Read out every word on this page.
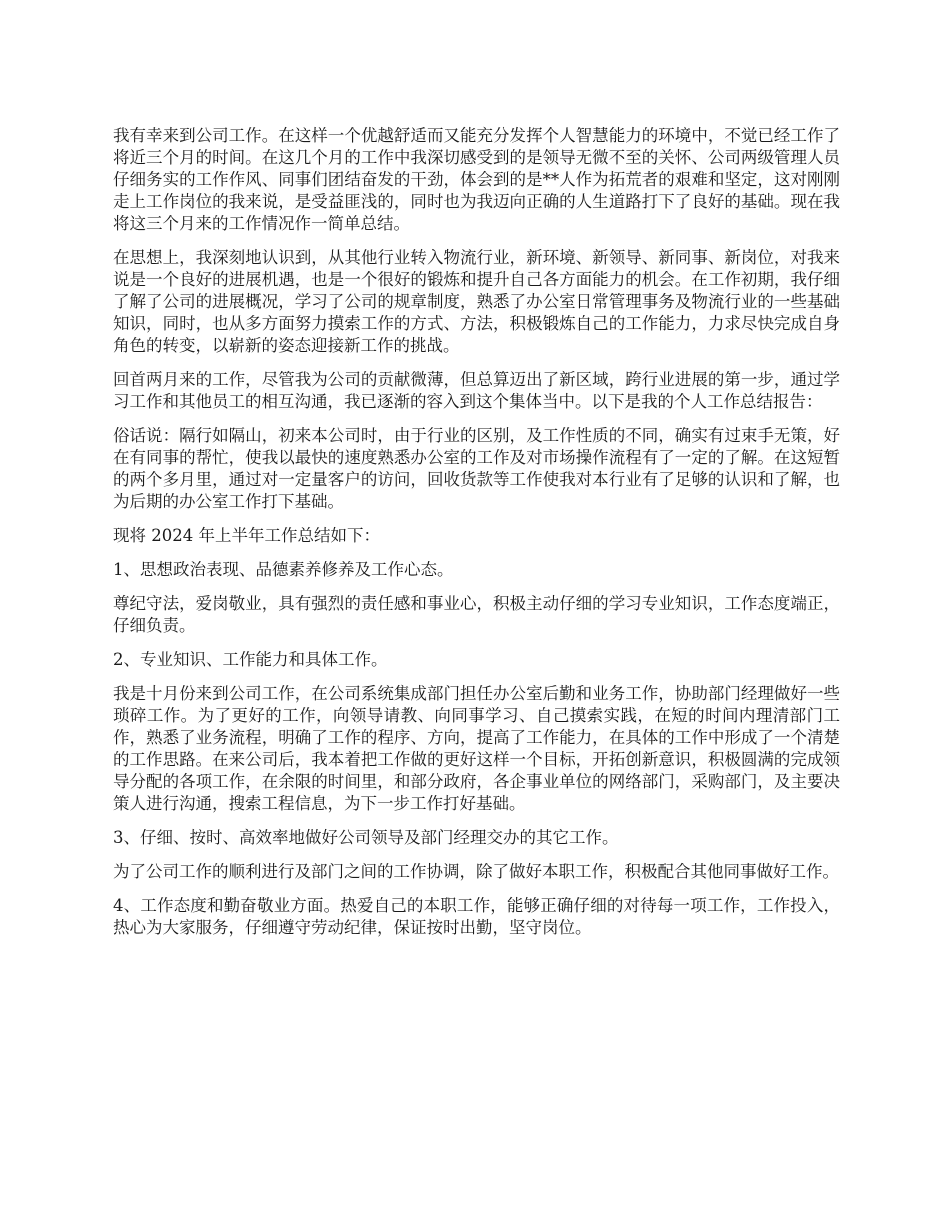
我有幸来到公司工作。在这样一个优越舒适而又能充分发挥个人智慧能力的环境中，不觉已经工作了将近三个月的时间。在这几个月的工作中我深切感受到的是领导无微不至的关怀、公司两级管理人员仔细务实的工作作风、同事们团结奋发的干劲，体会到的是**人作为拓荒者的艰难和坚定，这对刚刚走上工作岗位的我来说，是受益匪浅的，同时也为我迈向正确的人生道路打下了良好的基础。现在我将这三个月来的工作情况作一简单总结。

在思想上，我深刻地认识到，从其他行业转入物流行业，新环境、新领导、新同事、新岗位，对我来说是一个良好的进展机遇，也是一个很好的锻炼和提升自己各方面能力的机会。在工作初期，我仔细了解了公司的进展概况，学习了公司的规章制度，熟悉了办公室日常管理事务及物流行业的一些基础知识，同时，也从多方面努力摸索工作的方式、方法，积极锻炼自己的工作能力，力求尽快完成自身角色的转变，以崭新的姿态迎接新工作的挑战。

回首两月来的工作，尽管我为公司的贡献微薄，但总算迈出了新区域，跨行业进展的第一步，通过学习工作和其他员工的相互沟通，我已逐渐的容入到这个集体当中。以下是我的个人工作总结报告：

俗话说：隔行如隔山，初来本公司时，由于行业的区别，及工作性质的不同，确实有过束手无策，好在有同事的帮忙，使我以最快的速度熟悉办公室的工作及对市场操作流程有了一定的了解。在这短暂的两个多月里，通过对一定量客户的访问，回收货款等工作使我对本行业有了足够的认识和了解，也为后期的办公室工作打下基础。

现将 2024 年上半年工作总结如下：

1、思想政治表现、品德素养修养及工作心态。

尊纪守法，爱岗敬业，具有强烈的责任感和事业心，积极主动仔细的学习专业知识，工作态度端正，仔细负责。

2、专业知识、工作能力和具体工作。

我是十月份来到公司工作，在公司系统集成部门担任办公室后勤和业务工作，协助部门经理做好一些琐碎工作。为了更好的工作，向领导请教、向同事学习、自己摸索实践，在短的时间内理清部门工作，熟悉了业务流程，明确了工作的程序、方向，提高了工作能力，在具体的工作中形成了一个清楚的工作思路。在来公司后，我本着把工作做的更好这样一个目标，开拓创新意识，积极圆满的完成领导分配的各项工作，在余限的时间里，和部分政府，各企事业单位的网络部门，采购部门，及主要决策人进行沟通，搜索工程信息，为下一步工作打好基础。

3、仔细、按时、高效率地做好公司领导及部门经理交办的其它工作。

为了公司工作的顺利进行及部门之间的工作协调，除了做好本职工作，积极配合其他同事做好工作。

4、工作态度和勤奋敬业方面。热爱自己的本职工作，能够正确仔细的对待每一项工作，工作投入，热心为大家服务，仔细遵守劳动纪律，保证按时出勤，坚守岗位。
